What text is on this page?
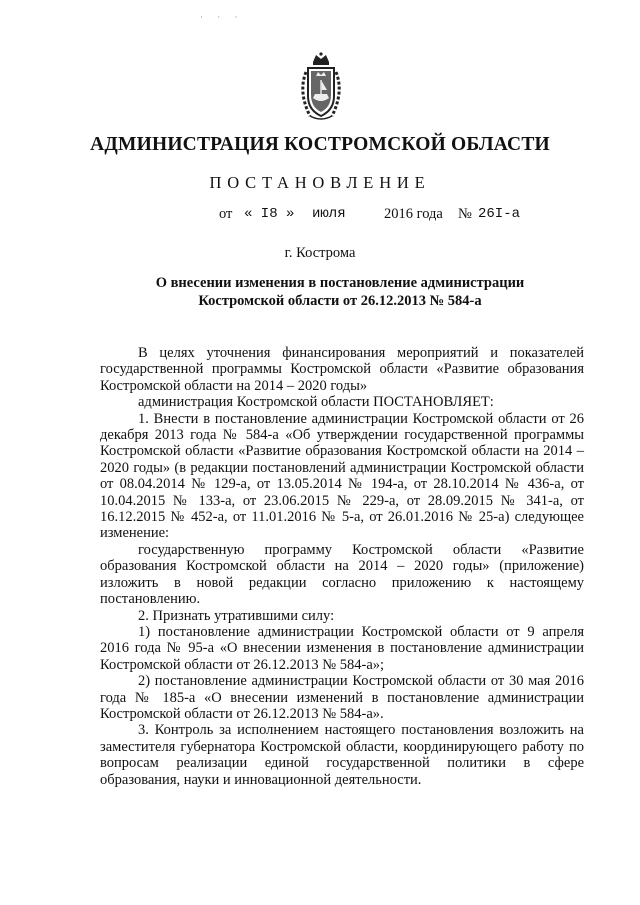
· · ·
АДМИНИСТРАЦИЯ КОСТРОМСКОЙ ОБЛАСТИ
ПОСТАНОВЛЕНИЕ
от « I8 » июля	2016 года № 26I-а
г. Кострома
О внесении изменения в постановление администрации
Костромской области от 26.12.2013 № 584-а

В целях уточнения финансирования мероприятий и показателей государственной программы Костромской области «Развитие образования Костромской области на 2014 – 2020 годы»

администрация Костромской области ПОСТАНОВЛЯЕТ:

1. Внести в постановление администрации Костромской области от 26 декабря 2013 года № 584-а «Об утверждении государственной программы Костромской области «Развитие образования Костромской области на 2014 – 2020 годы» (в редакции постановлений администрации Костромской области от 08.04.2014 № 129-а, от 13.05.2014 № 194-а, от 28.10.2014 № 436-а, от 10.04.2015 № 133-а, от 23.06.2015 № 229-а, от 28.09.2015 № 341-а, от 16.12.2015 № 452-а, от 11.01.2016 № 5-а, от 26.01.2016 № 25-а) следующее изменение:

государственную программу Костромской области «Развитие образования Костромской области на 2014 – 2020 годы» (приложение) изложить в новой редакции согласно приложению к настоящему постановлению.

2. Признать утратившими силу:

1) постановление администрации Костромской области от 9 апреля 2016 года № 95-а «О внесении изменения в постановление администрации Костромской области от 26.12.2013 № 584-а»;

2) постановление администрации Костромской области от 30 мая 2016 года № 185-а «О внесении изменений в постановление администрации Костромской области от 26.12.2013 № 584-а».

3. Контроль за исполнением настоящего постановления возложить на заместителя губернатора Костромской области, координирующего работу по вопросам реализации единой государственной политики в сфере образования, науки и инновационной деятельности.
